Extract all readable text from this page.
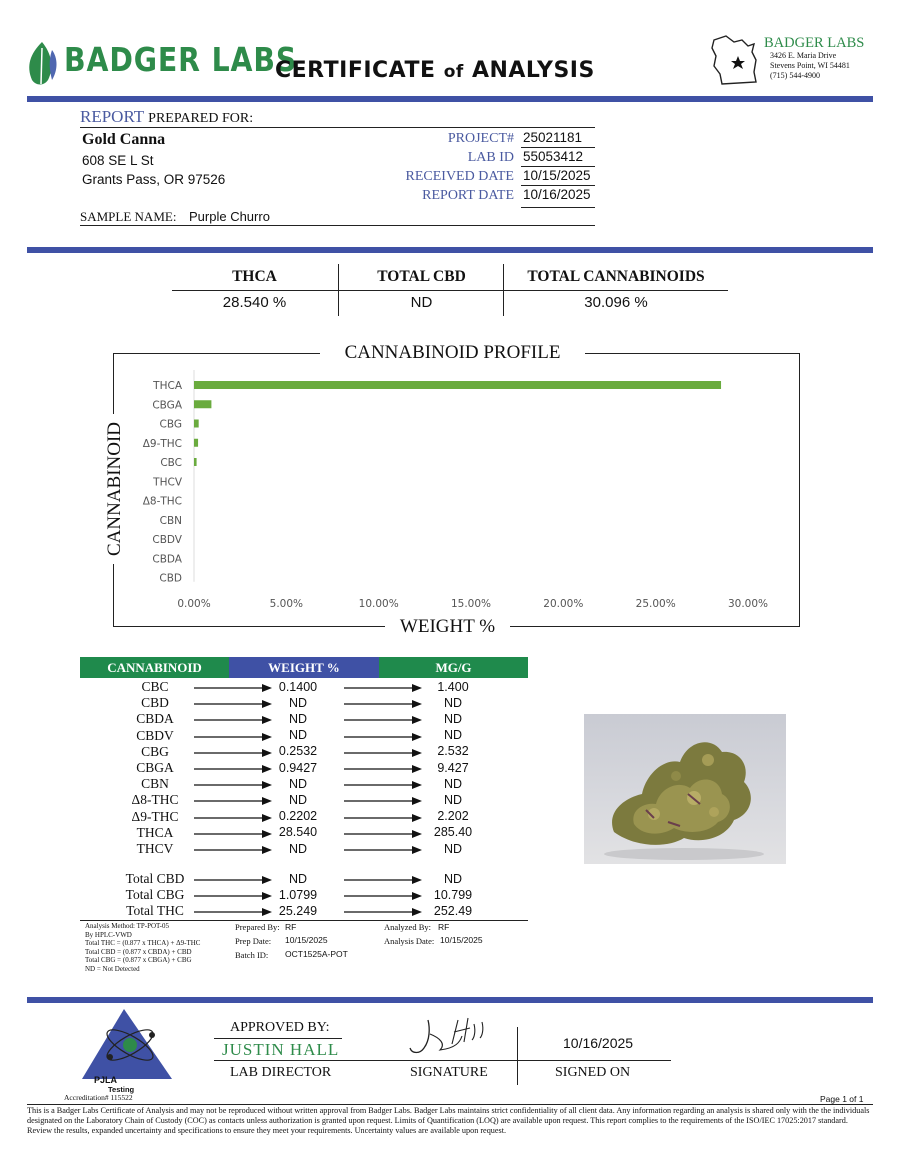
BADGER LABS
CERTIFICATE of ANALYSIS
BADGER LABS
3426 E. Maria Drive
Stevens Point, WI 54481
(715) 544-4900
REPORT PREPARED FOR:
Gold Canna
608 SE L St
Grants Pass, OR 97526
PROJECT# 25021181
LAB ID 55053412
RECEIVED DATE 10/15/2025
REPORT DATE 10/16/2025
SAMPLE NAME: Purple Churro
THCA	TOTAL CBD	TOTAL CANNABINOIDS
28.540 %	ND	30.096 %
CANNABINOID PROFILE
WEIGHT %
CANNABINOID
THCA
CBGA
CBG
Δ9-THC
CBC
THCV
Δ8-THC
CBN
CBDV
CBDA
CBD
0.00%	5.00%	10.00%	15.00%	20.00%	25.00%	30.00%
CANNABINOID	WEIGHT %	MG/G
CBC	0.1400	1.400
CBD	ND	ND
CBDA	ND	ND
CBDV	ND	ND
CBG	0.2532	2.532
CBGA	0.9427	9.427
CBN	ND	ND
Δ8-THC	ND	ND
Δ9-THC	0.2202	2.202
THCA	28.540	285.40
THCV	ND	ND
Total CBD	ND	ND
Total CBG	1.0799	10.799
Total THC	25.249	252.49
Analysis Method: TP-POT-05
By HPLC-VWD
Total THC = (0.877 x THCA) + Δ9-THC
Total CBD = (0.877 x CBDA) + CBD
Total CBG = (0.877 x CBGA) + CBG
ND = Not Detected
Prepared By: RF
Prep Date: 10/15/2025
Batch ID: OCT1525A-POT
Analyzed By: RF
Analysis Date: 10/15/2025
PJLA
Testing
Accreditation# 115522
APPROVED BY:
JUSTIN HALL
LAB DIRECTOR	SIGNATURE
10/16/2025
SIGNED ON
Page 1 of 1
This is a Badger Labs Certificate of Analysis and may not be reproduced without written approval from Badger Labs. Badger Labs maintains strict confidentiality of all client data. Any information regarding an analysis is shared only with the the individuals designated on the Laboratory Chain of Custody (COC) as contacts unless authorization is granted upon request. Limits of Quantification (LOQ) are available upon request. This report complies to the requirements of the ISO/IEC 17025:2017 standard. Review the results, expanded uncertainty and specifications to ensure they meet your requirements. Uncertainty values are available upon request.
